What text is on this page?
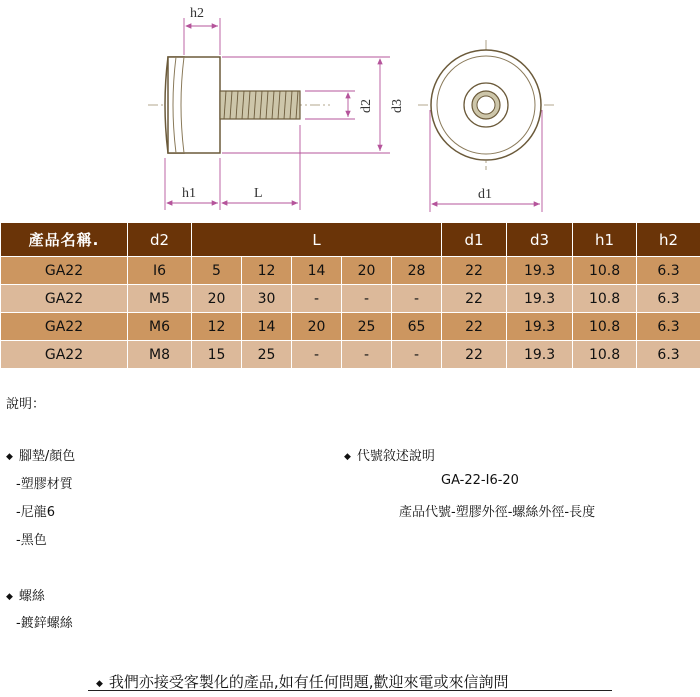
h2
h1	L	d1
d2 d3
產品名稱.	d2	L					d1	d3	h1	h2
GA22	I6	5	12	14	20	28	22	19.3	10.8	6.3
GA22	M5	20	30	-	-	-	22	19.3	10.8	6.3
GA22	M6	12	14	20	25	65	22	19.3	10.8	6.3
GA22	M8	15	25	-	-	-	22	19.3	10.8	6.3
說明：
◆ 腳墊/顏色
-塑膠材質
-尼龍6
-黑色
◆ 螺絲
-鍍鋅螺絲
◆ 代號敘述說明
GA-22-I6-20
產品代號-塑膠外徑-螺絲外徑-長度
◆ 我們亦接受客製化的產品,如有任何問題,歡迎來電或來信詢問
